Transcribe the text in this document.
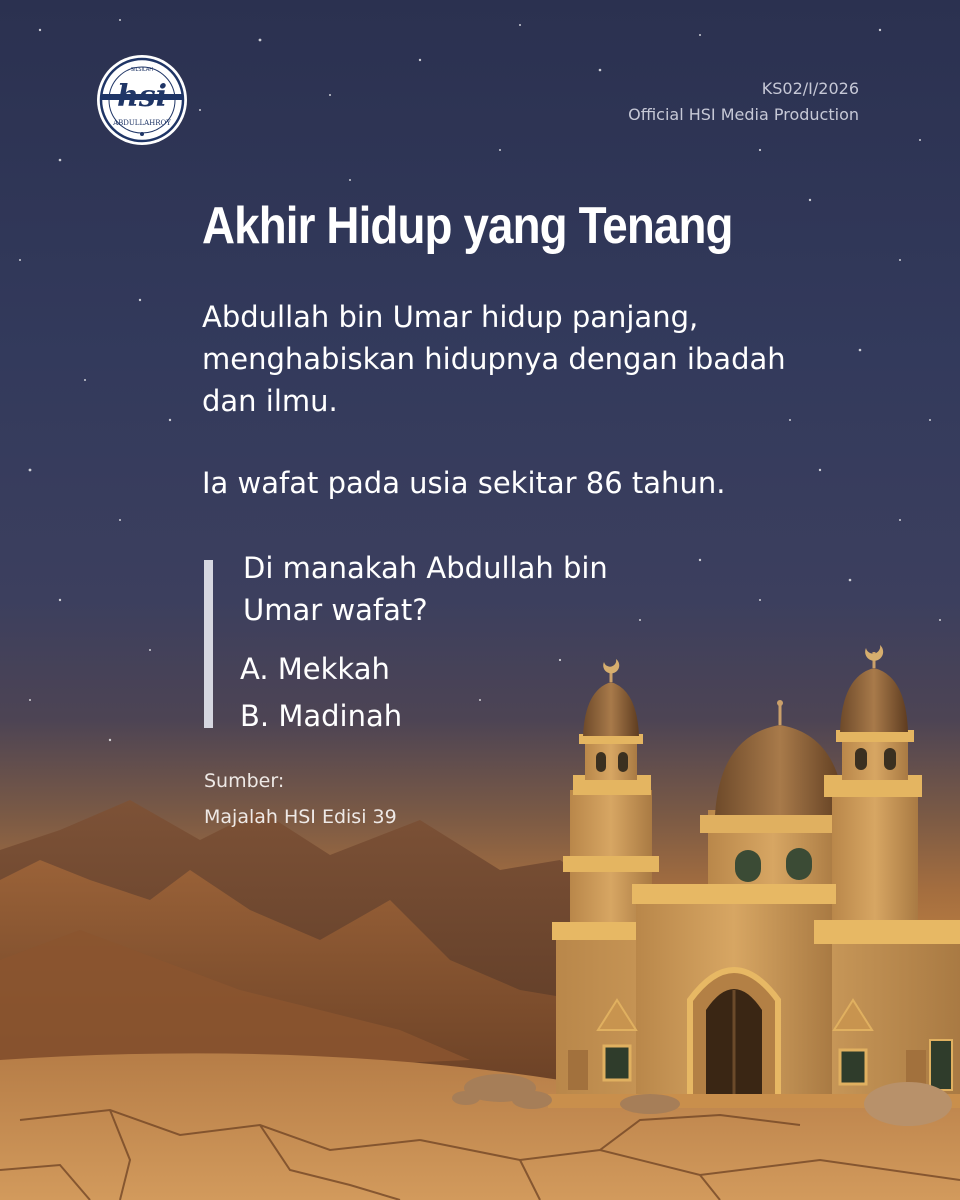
hsi
SILSILAH
ABDULLAHROY
KS02/I/2026
Official HSI Media Production
Akhir Hidup yang Tenang

Abdullah bin Umar hidup panjang, menghabiskan hidupnya dengan ibadah dan ilmu.

Ia wafat pada usia sekitar 86 tahun.

Di manakah Abdullah bin Umar wafat?

A. Mekkah

B. Madinah

Sumber:
Majalah HSI Edisi 39
